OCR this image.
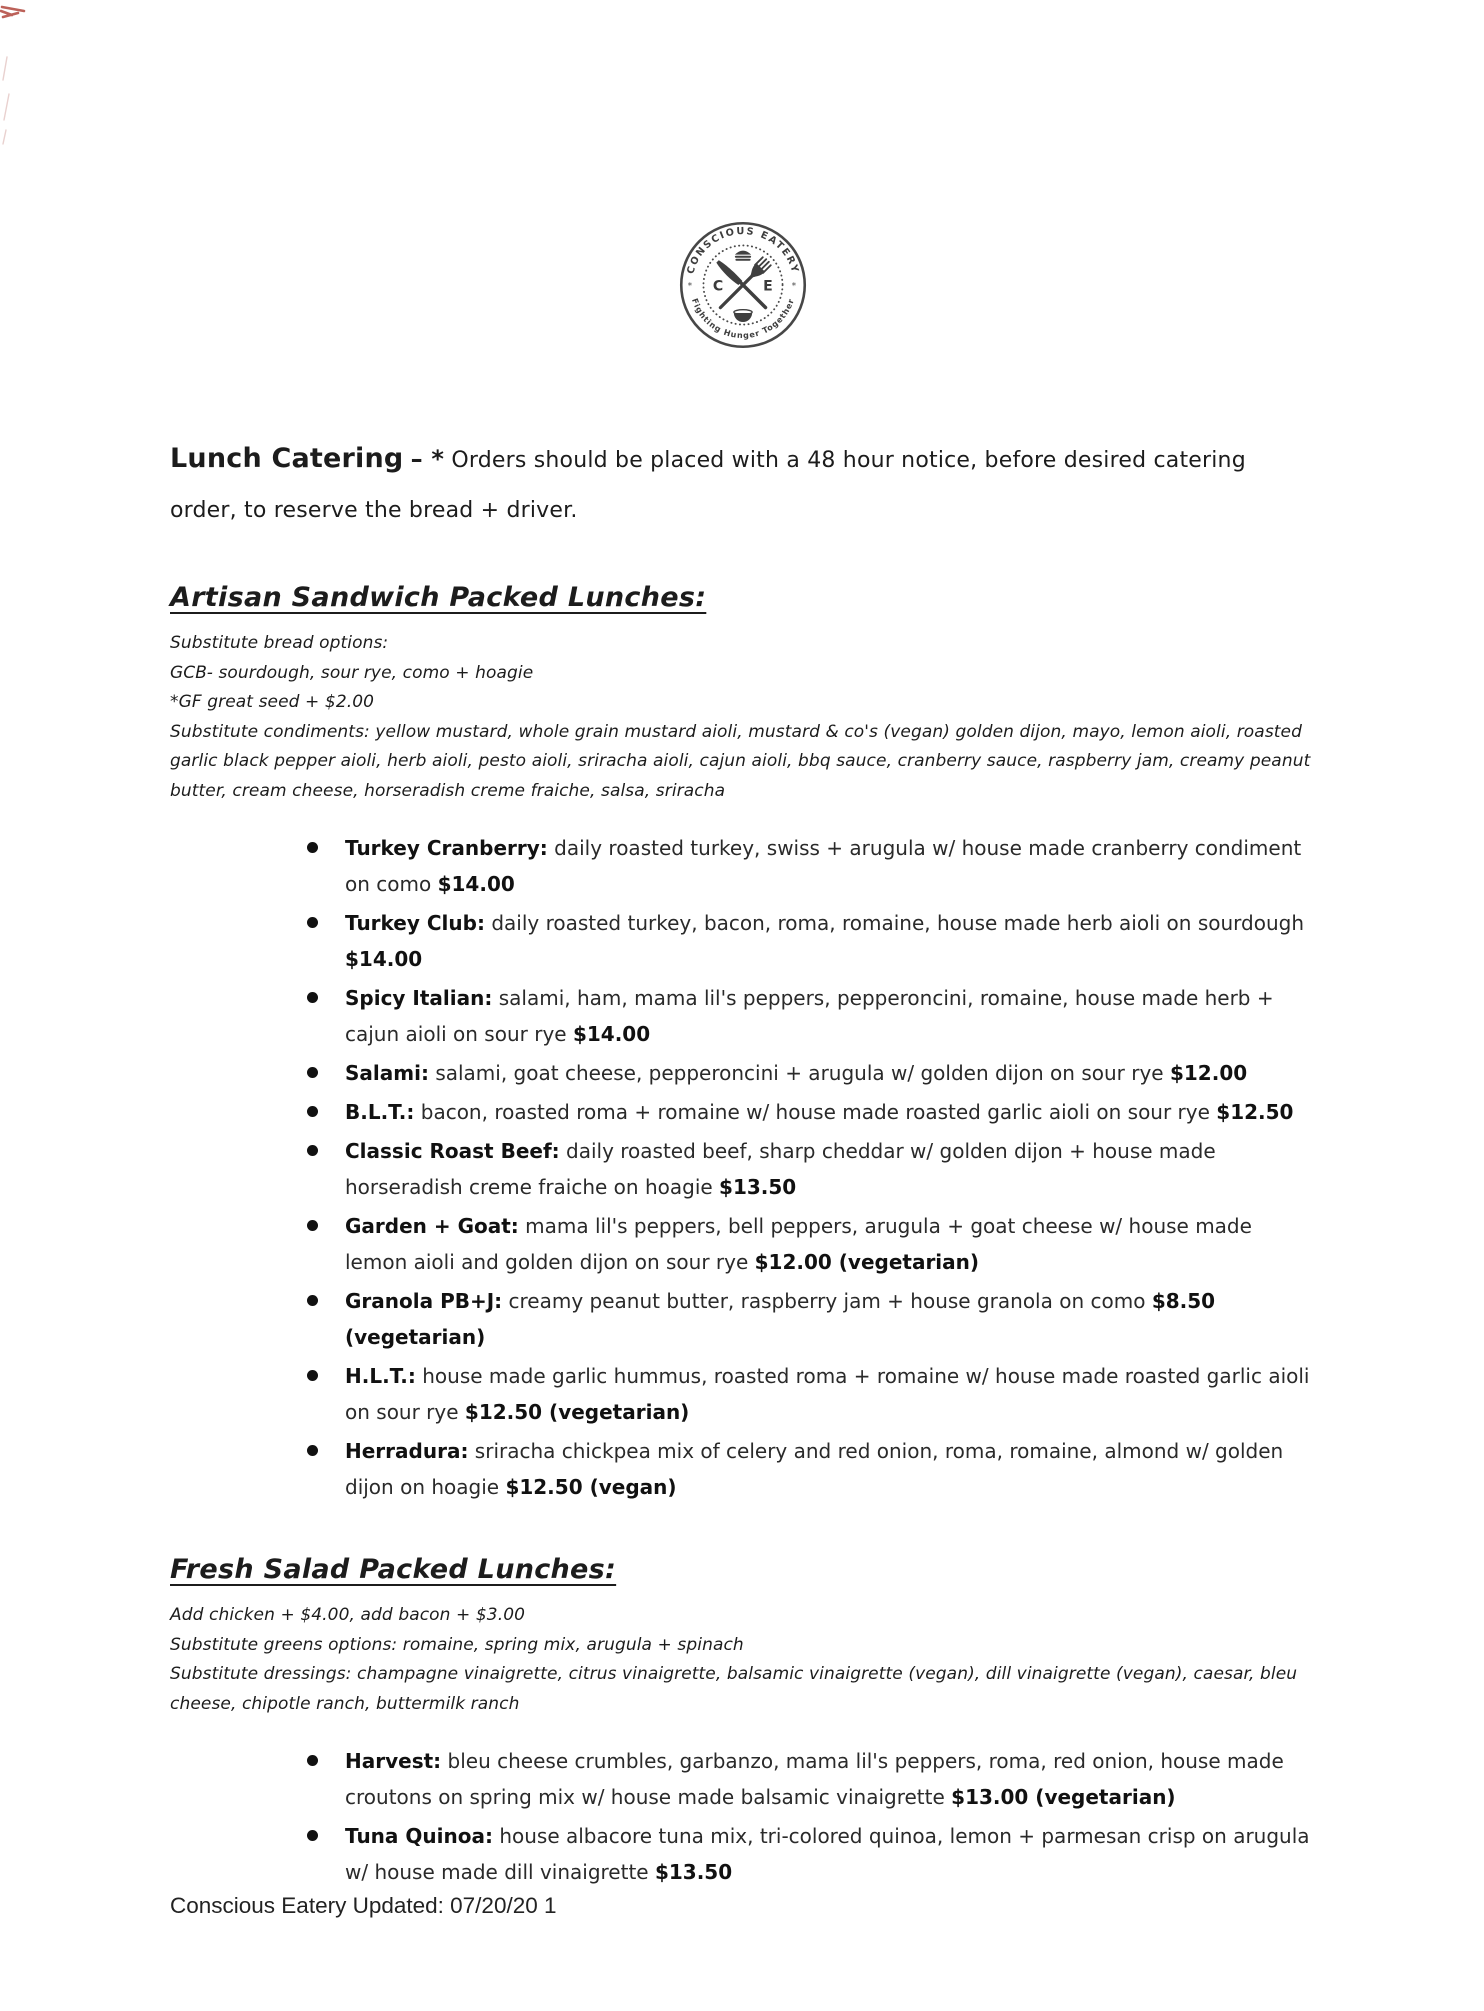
CONSCIOUS EATERY
Fighting Hunger Together
*	*
C	E

Lunch Catering – * Orders should be placed with a 48 hour notice, before desired catering order, to reserve the bread + driver.

Artisan Sandwich Packed Lunches:
Substitute bread options:
GCB- sourdough, sour rye, como + hoagie
*GF great seed + $2.00
Substitute condiments: yellow mustard, whole grain mustard aioli, mustard & co's (vegan) golden dijon, mayo, lemon aioli, roasted garlic black pepper aioli, herb aioli, pesto aioli, sriracha aioli, cajun aioli, bbq sauce, cranberry sauce, raspberry jam, creamy peanut butter, cream cheese, horseradish creme fraiche, salsa, sriracha
Turkey Cranberry: daily roasted turkey, swiss + arugula w/ house made cranberry condiment on como $14.00
Turkey Club: daily roasted turkey, bacon, roma, romaine, house made herb aioli on sourdough $14.00
Spicy Italian: salami, ham, mama lil's peppers, pepperoncini, romaine, house made herb + cajun aioli on sour rye $14.00
Salami: salami, goat cheese, pepperoncini + arugula w/ golden dijon on sour rye $12.00
B.L.T.: bacon, roasted roma + romaine w/ house made roasted garlic aioli on sour rye $12.50
Classic Roast Beef: daily roasted beef, sharp cheddar w/ golden dijon + house made horseradish creme fraiche on hoagie $13.50
Garden + Goat: mama lil's peppers, bell peppers, arugula + goat cheese w/ house made lemon aioli and golden dijon on sour rye $12.00 (vegetarian)
Granola PB+J: creamy peanut butter, raspberry jam + house granola on como $8.50 (vegetarian)
H.L.T.: house made garlic hummus, roasted roma + romaine w/ house made roasted garlic aioli on sour rye $12.50 (vegetarian)
Herradura: sriracha chickpea mix of celery and red onion, roma, romaine, almond w/ golden dijon on hoagie $12.50 (vegan)
Fresh Salad Packed Lunches:
Add chicken + $4.00, add bacon + $3.00
Substitute greens options: romaine, spring mix, arugula + spinach
Substitute dressings: champagne vinaigrette, citrus vinaigrette, balsamic vinaigrette (vegan), dill vinaigrette (vegan), caesar, bleu cheese, chipotle ranch, buttermilk ranch
Harvest: bleu cheese crumbles, garbanzo, mama lil's peppers, roma, red onion, house made croutons on spring mix w/ house made balsamic vinaigrette $13.00 (vegetarian)
Tuna Quinoa: house albacore tuna mix, tri-colored quinoa, lemon + parmesan crisp on arugula w/ house made dill vinaigrette $13.50
Conscious Eatery Updated: 07/20/20 1
